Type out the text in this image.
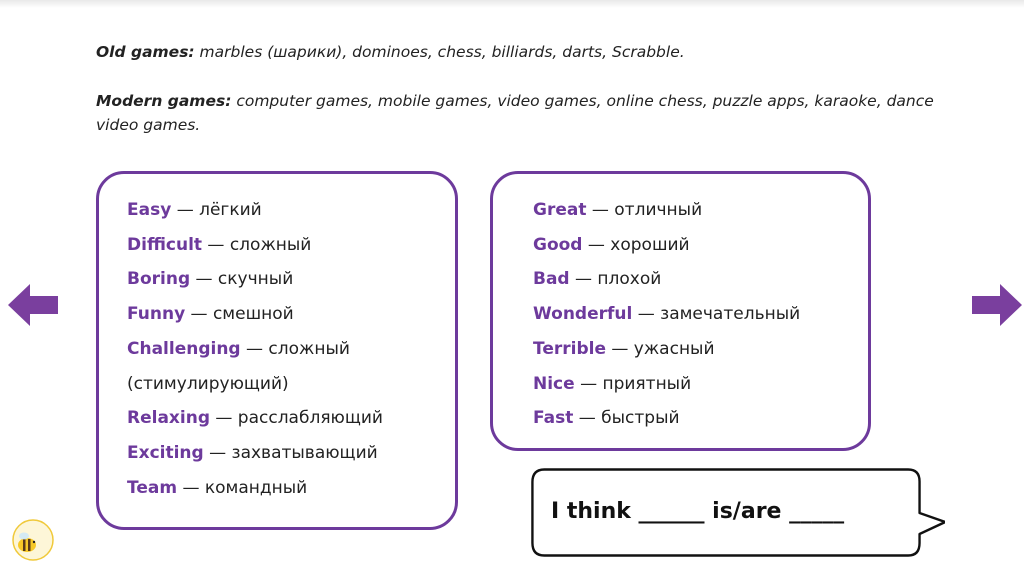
Old games: marbles (шарики), dominoes, chess, billiards, darts, Scrabble.
Modern games: computer games, mobile games, video games, online chess, puzzle apps, karaoke, dance video games.
Easy — лёгкий
Difficult — сложный
Boring — скучный
Funny — смешной
Challenging — сложный
(стимулирующий)
Relaxing — расслабляющий
Exciting — захватывающий
Team — командный
Great — отличный
Good — хороший
Bad — плохой
Wonderful — замечательный
Terrible — ужасный
Nice — приятный
Fast — быстрый
I think ______ is/are _____
